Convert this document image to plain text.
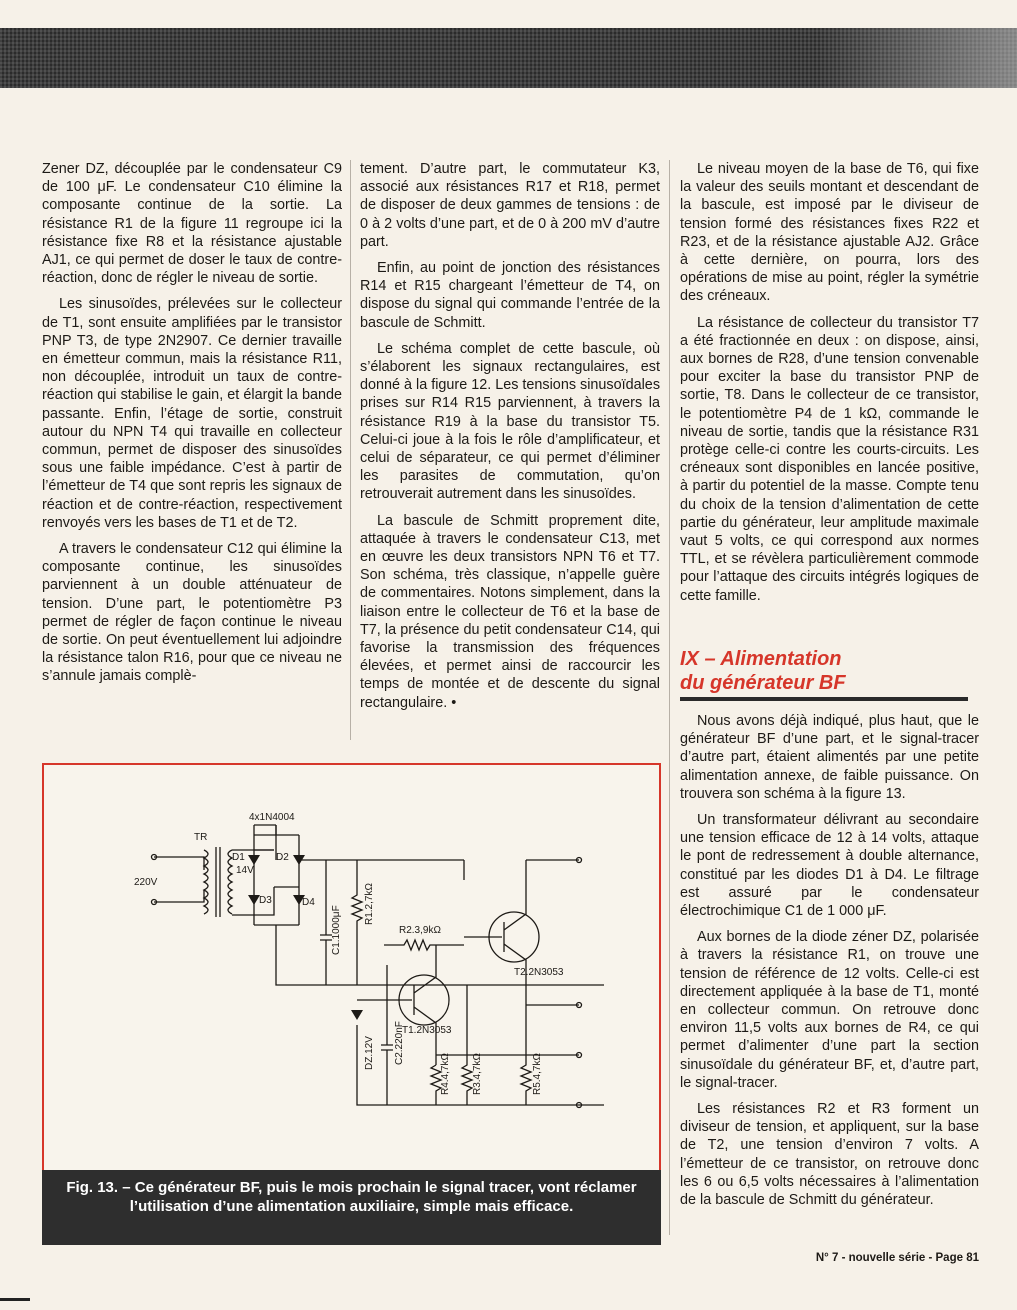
Zener DZ, découplée par le condensateur C9 de 100 μF. Le condensateur C10 élimine la composante continue de la sortie. La résistance R1 de la figure 11 regroupe ici la résistance fixe R8 et la résistance ajustable AJ1, ce qui permet de doser le taux de contre-réaction, donc de régler le niveau de sortie.

Les sinusoïdes, prélevées sur le collecteur de T1, sont ensuite amplifiées par le transistor PNP T3, de type 2N2907. Ce dernier travaille en émetteur commun, mais la résistance R11, non découplée, introduit un taux de contre-réaction qui stabilise le gain, et élargit la bande passante. Enfin, l’étage de sortie, construit autour du NPN T4 qui travaille en collecteur commun, permet de disposer des sinusoïdes sous une faible impédance. C’est à partir de l’émetteur de T4 que sont repris les signaux de réaction et de contre-réaction, respectivement renvoyés vers les bases de T1 et de T2.

A travers le condensateur C12 qui élimine la composante continue, les sinusoïdes parviennent à un double atténuateur de tension. D’une part, le potentiomètre P3 permet de régler de façon continue le niveau de sortie. On peut éventuellement lui adjoindre la résistance talon R16, pour que ce niveau ne s’annule jamais complè-

tement. D’autre part, le commutateur K3, associé aux résistances R17 et R18, permet de disposer de deux gammes de tensions : de 0 à 2 volts d’une part, et de 0 à 200 mV d’autre part.

Enfin, au point de jonction des résistances R14 et R15 chargeant l’émetteur de T4, on dispose du signal qui commande l’entrée de la bascule de Schmitt.

Le schéma complet de cette bascule, où s’élaborent les signaux rectangulaires, est donné à la figure 12. Les tensions sinusoïdales prises sur R14 R15 parviennent, à travers la résistance R19 à la base du transistor T5. Celui-ci joue à la fois le rôle d’amplificateur, et celui de séparateur, ce qui permet d’éliminer les parasites de commutation, qu’on retrouverait autrement dans les sinusoïdes.

La bascule de Schmitt proprement dite, attaquée à travers le condensateur C13, met en œuvre les deux transistors NPN T6 et T7. Son schéma, très classique, n’appelle guère de commentaires. Notons simplement, dans la liaison entre le collecteur de T6 et la base de T7, la présence du petit condensateur C14, qui favorise la transmission des fréquences élevées, et permet ainsi de raccourcir les temps de montée et de descente du signal rectangulaire. •

Le niveau moyen de la base de T6, qui fixe la valeur des seuils montant et descendant de la bascule, est imposé par le diviseur de tension formé des résistances fixes R22 et R23, et de la résistance ajustable AJ2. Grâce à cette dernière, on pourra, lors des opérations de mise au point, régler la symétrie des créneaux.

La résistance de collecteur du transistor T7 a été fractionnée en deux : on dispose, ainsi, aux bornes de R28, d’une tension convenable pour exciter la base du transistor PNP de sortie, T8. Dans le collecteur de ce transistor, le potentiomètre P4 de 1 kΩ, commande le niveau de sortie, tandis que la résistance R31 protège celle-ci contre les courts-circuits. Les créneaux sont disponibles en lancée positive, à partir du potentiel de la masse. Compte tenu du choix de la tension d’alimentation de cette partie du générateur, leur amplitude maximale vaut 5 volts, ce qui correspond aux normes TTL, et se révèlera particulièrement commode pour l’attaque des circuits intégrés logiques de cette famille.

IX – Alimentation
du générateur BF

Nous avons déjà indiqué, plus haut, que le générateur BF d’une part, et le signal-tracer d’autre part, étaient alimentés par une petite alimentation annexe, de faible puissance. On trouvera son schéma à la figure 13.

Un transformateur délivrant au secondaire une tension efficace de 12 à 14 volts, attaque le pont de redressement à double alternance, constitué par les diodes D1 à D4. Le filtrage est assuré par le condensateur électrochimique C1 de 1 000 μF.

Aux bornes de la diode zéner DZ, polarisée à travers la résistance R1, on trouve une tension de référence de 12 volts. Celle-ci est directement appliquée à la base de T1, monté en collecteur commun. On retrouve donc environ 11,5 volts aux bornes de R4, ce qui permet d’alimenter d’une part la section sinusoïdale du générateur BF, et, d’autre part, le signal-tracer.

Les résistances R2 et R3 forment un diviseur de tension, et appliquent, sur la base de T2, une tension d’environ 7 volts. A l’émetteur de ce transistor, on retrouve donc les 6 ou 6,5 volts nécessaires à l’alimentation de la bascule de Schmitt du générateur.

4x1N4004
TR
220V
14V
D1	D2
D3	D4
C1.1000μF
R1.2,7kΩ
R2.3,9kΩ
T1.2N3053
T2.2N3053
DZ.12V C2.220nF
R4.4,7kΩ R3.4,7kΩ	R5.4,7kΩ
Fig. 13. – Ce générateur BF, puis le mois prochain le signal tracer, vont réclamer l’utilisation d’une alimentation auxiliaire, simple mais efficace.
N° 7 - nouvelle série - Page 81
